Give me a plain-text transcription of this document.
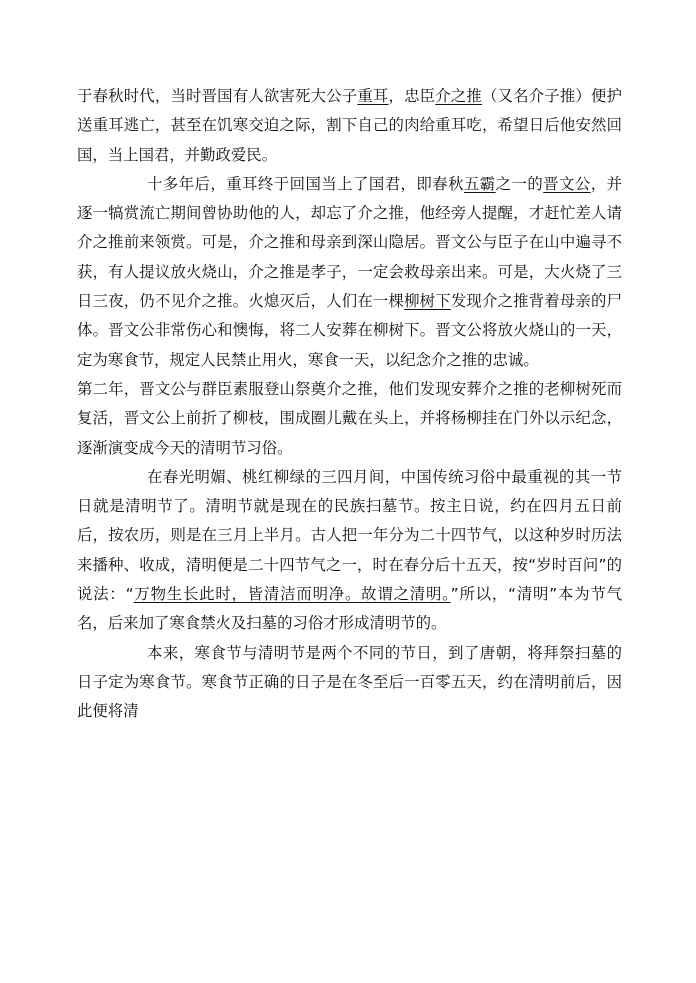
于春秋时代，当时晋国有人欲害死大公子重耳，忠臣介之推（又名介子推）便护送重耳逃亡，甚至在饥寒交迫之际，割下自己的肉给重耳吃，希望日后他安然回国，当上国君，并勤政爱民。

十多年后，重耳终于回国当上了国君，即春秋五霸之一的晋文公，并逐一犒赏流亡期间曾协助他的人，却忘了介之推，他经旁人提醒，才赶忙差人请介之推前来领赏。可是，介之推和母亲到深山隐居。晋文公与臣子在山中遍寻不获，有人提议放火烧山，介之推是孝子，一定会救母亲出来。可是，大火烧了三日三夜，仍不见介之推。火熄灭后，人们在一棵柳树下发现介之推背着母亲的尸体。晋文公非常伤心和懊悔，将二人安葬在柳树下。晋文公将放火烧山的一天，定为寒食节，规定人民禁止用火，寒食一天，以纪念介之推的忠诚。

第二年，晋文公与群臣素服登山祭奠介之推，他们发现安葬介之推的老柳树死而复活，晋文公上前折了柳枝，围成圈儿戴在头上，并将杨柳挂在门外以示纪念，逐渐演变成今天的清明节习俗。

在春光明媚、桃红柳绿的三四月间，中国传统习俗中最重视的其一节日就是清明节了。清明节就是现在的民族扫墓节。按主日说，约在四月五日前后，按农历，则是在三月上半月。古人把一年分为二十四节气，以这种岁时历法来播种、收成，清明便是二十四节气之一，时在春分后十五天，按“岁时百问”的说法：“万物生长此时，皆清洁而明净。故谓之清明。”所以，“清明”本为节气名，后来加了寒食禁火及扫墓的习俗才形成清明节的。

本来，寒食节与清明节是两个不同的节日，到了唐朝，将拜祭扫墓的日子定为寒食节。寒食节正确的日子是在冬至后一百零五天，约在清明前后，因此便将清
